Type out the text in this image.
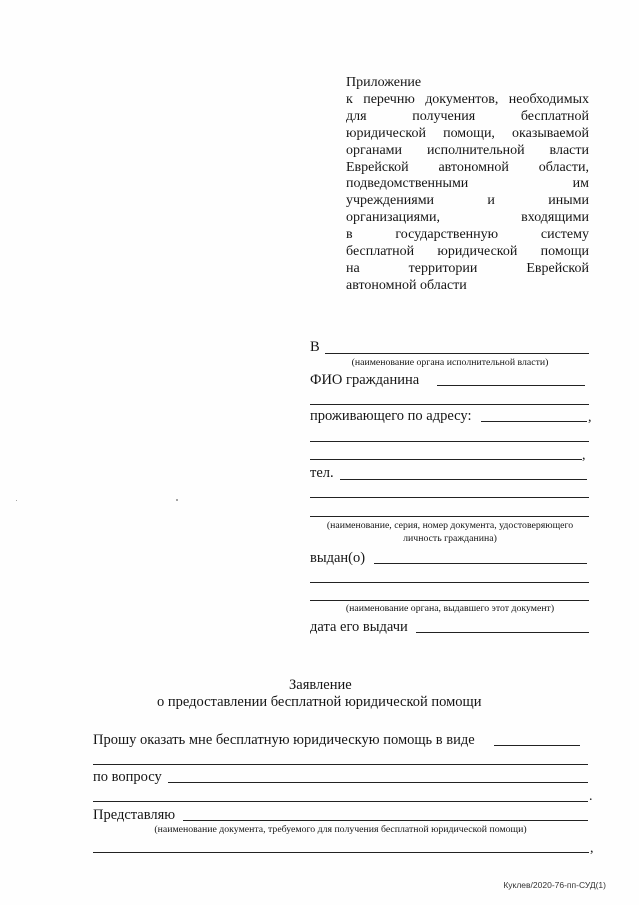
Приложение
к перечню документов, необходимых
для получения бесплатной
юридической помощи, оказываемой
органами исполнительной власти
Еврейской автономной области,
подведомственными им
учреждениями и иными
организациями, входящими
в государственную систему
бесплатной юридической помощи
на территории Еврейской
автономной области
В
(наименование органа исполнительной власти)
ФИО гражданина
проживающего по адресу:	,
,
тел.
(наименование, серия, номер документа, удостоверяющего
личность гражданина)
выдан(о)
(наименование органа, выдавшего этот документ)
дата его выдачи
Заявление
о предоставлении бесплатной юридической помощи
Прошу оказать мне бесплатную юридическую помощь в виде
по вопросу
.
Представляю
(наименование документа, требуемого для получения бесплатной юридической помощи)
,
Куклев/2020-76-пп-СУД(1)
